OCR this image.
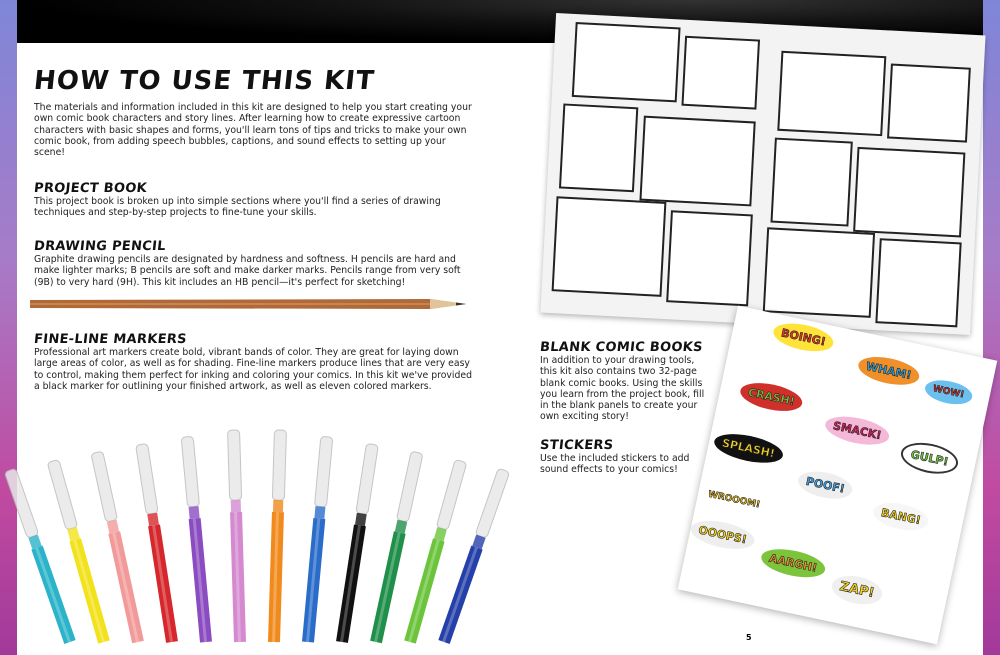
HOW TO USE THIS KIT
The materials and information included in this kit are designed to help you start creating your own comic book characters and story lines. After learning how to create expressive cartoon characters with basic shapes and forms, you'll learn tons of tips and tricks to make your own comic book, from adding speech bubbles, captions, and sound effects to setting up your scene!
PROJECT BOOK
This project book is broken up into simple sections where you'll find a series of drawing techniques and step-by-step projects to fine-tune your skills.
DRAWING PENCIL
Graphite drawing pencils are designated by hardness and softness. H pencils are hard and make lighter marks; B pencils are soft and make darker marks. Pencils range from very soft (9B) to very hard (9H). This kit includes an HB pencil—it's perfect for sketching!
FINE-LINE MARKERS
Professional art markers create bold, vibrant bands of color. They are great for laying down large areas of color, as well as for shading. Fine-line markers produce lines that are very easy to control, making them perfect for inking and coloring your comics. In this kit we've provided a black marker for outlining your finished artwork, as well as eleven colored markers.
BLANK COMIC BOOKS
In addition to your drawing tools, this kit also contains two 32-page blank comic books. Using the skills you learn from the project book, fill in the blank panels to create your own exciting story!
STICKERS
Use the included stickers to add sound effects to your comics!
BOING!
WHAM!
WOW!
CRASH!
SMACK!
GULP!
SPLASH!
POOF!
BANG!
WROOOM!
OOOPS!
AARGH!
ZAP!
5
